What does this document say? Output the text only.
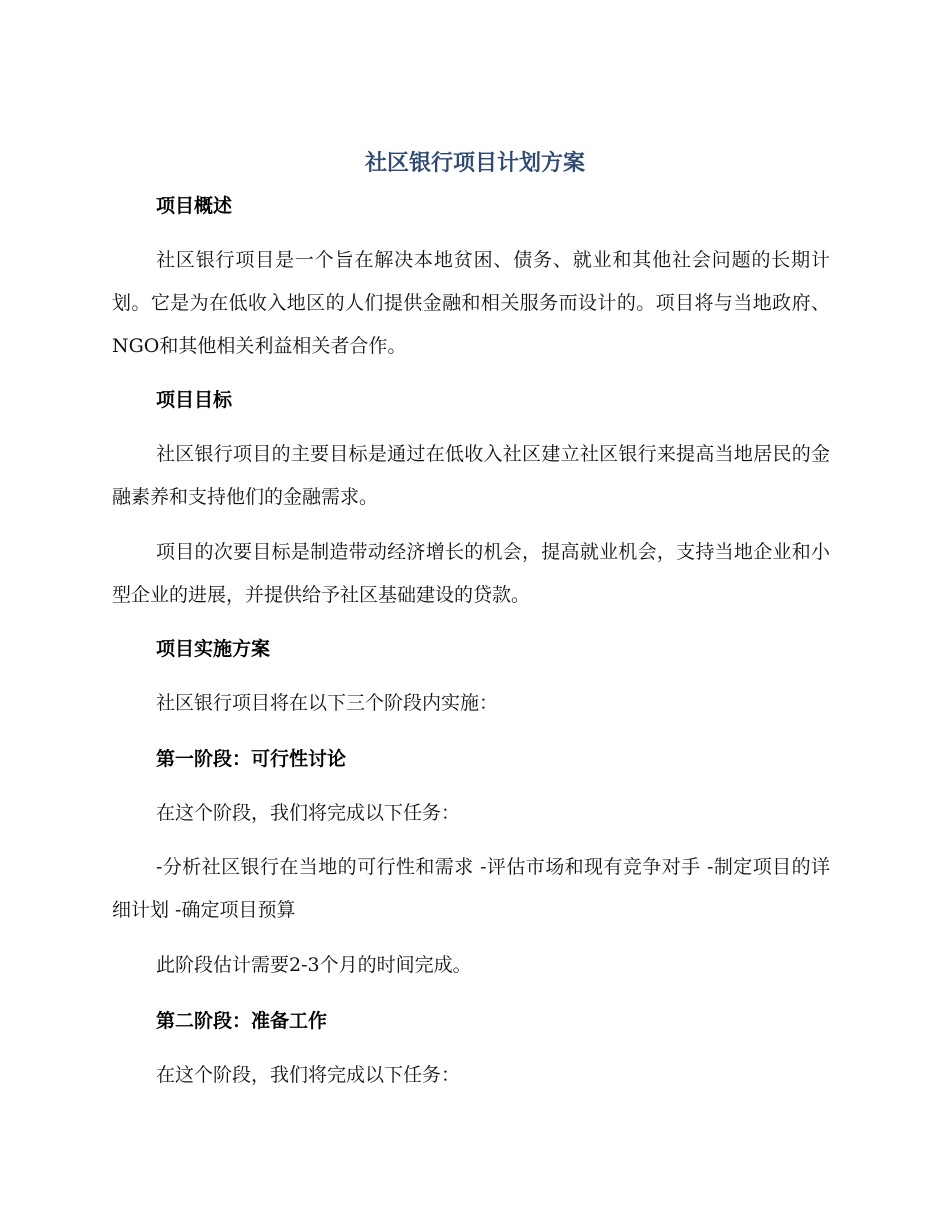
社区银行项目计划方案
项目概述
社区银行项目是一个旨在解决本地贫困、债务、就业和其他社会问题的长期计划。它是为在低收入地区的人们提供金融和相关服务而设计的。项目将与当地政府、NGO和其他相关利益相关者合作。
项目目标
社区银行项目的主要目标是通过在低收入社区建立社区银行来提高当地居民的金融素养和支持他们的金融需求。
项目的次要目标是制造带动经济增长的机会，提高就业机会，支持当地企业和小型企业的进展，并提供给予社区基础建设的贷款。
项目实施方案
社区银行项目将在以下三个阶段内实施：
第一阶段：可行性讨论
在这个阶段，我们将完成以下任务：
-分析社区银行在当地的可行性和需求 -评估市场和现有竞争对手 -制定项目的详细计划 -确定项目预算
此阶段估计需要2-3个月的时间完成。
第二阶段：准备工作
在这个阶段，我们将完成以下任务：
